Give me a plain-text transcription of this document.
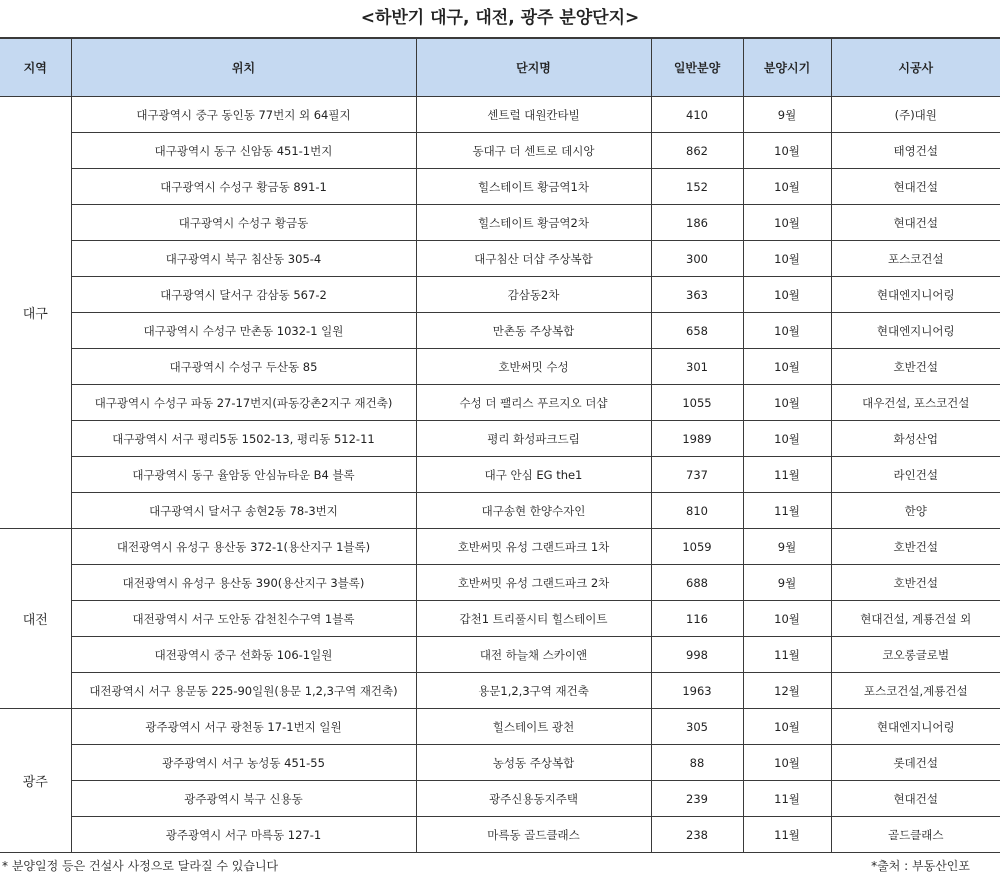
<하반기 대구, 대전, 광주 분양단지>
지역	위치	단지명	일반분양	분양시기	시공사
대구	대구광역시 중구 동인동 77번지 외 64필지	센트럴 대원칸타빌	410	9월	(주)대원
	대구광역시 동구 신암동 451-1번지	동대구 더 센트로 데시앙	862	10월	태영건설
	대구광역시 수성구 황금동 891-1	힐스테이트 황금역1차	152	10월	현대건설
	대구광역시 수성구 황금동	힐스테이트 황금역2차	186	10월	현대건설
	대구광역시 북구 침산동 305-4	대구침산 더샵 주상복합	300	10월	포스코건설
	대구광역시 달서구 감삼동 567-2	감삼동2차	363	10월	현대엔지니어링
	대구광역시 수성구 만촌동 1032-1 일원	만촌동 주상복합	658	10월	현대엔지니어링
	대구광역시 수성구 두산동 85	호반써밋 수성	301	10월	호반건설
	대구광역시 수성구 파동 27-17번지(파동강촌2지구 재건축)	수성 더 팰리스 푸르지오 더샵	1055	10월	대우건설, 포스코건설
	대구광역시 서구 평리5동 1502-13, 평리동 512-11	평리 화성파크드림	1989	10월	화성산업
	대구광역시 동구 율암동 안심뉴타운 B4 블록	대구 안심 EG the1	737	11월	라인건설
	대구광역시 달서구 송현2동 78-3번지	대구송현 한양수자인	810	11월	한양
대전	대전광역시 유성구 용산동 372-1(용산지구 1블록)	호반써밋 유성 그랜드파크 1차	1059	9월	호반건설
	대전광역시 유성구 용산동 390(용산지구 3블록)	호반써밋 유성 그랜드파크 2차	688	9월	호반건설
	대전광역시 서구 도안동 갑천친수구역 1블록	갑천1 트리풀시티 힐스테이트	116	10월	현대건설, 계룡건설 외
	대전광역시 중구 선화동 106-1일원	대전 하늘채 스카이앤	998	11월	코오롱글로벌
	대전광역시 서구 용문동 225-90일원(용문 1,2,3구역 재건축)	용문1,2,3구역 재건축	1963	12월	포스코건설,계룡건설
광주	광주광역시 서구 광천동 17-1번지 일원	힐스테이트 광천	305	10월	현대엔지니어링
	광주광역시 서구 농성동 451-55	농성동 주상복합	88	10월	롯데건설
	광주광역시 북구 신용동	광주신용동지주택	239	11월	현대건설
	광주광역시 서구 마륵동 127-1	마륵동 골드클래스	238	11월	골드클래스
* 분양일정 등은 건설사 사정으로 달라질 수 있습니다	*출처 : 부동산인포
